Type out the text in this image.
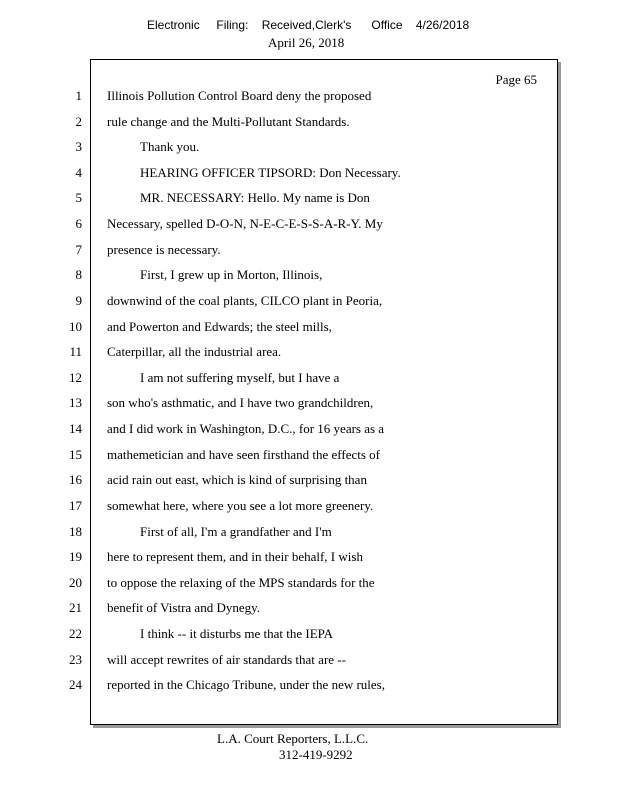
Electronic     Filing:    Received,Clerk's      Office    4/26/2018
April 26, 2018
Page 65
1 Illinois Pollution Control Board deny the proposed
2 rule change and the Multi-Pollutant Standards.
3	Thank you.
4	HEARING OFFICER TIPSORD: Don Necessary.
5	MR. NECESSARY: Hello. My name is Don
6 Necessary, spelled D-O-N, N-E-C-E-S-S-A-R-Y. My
7 presence is necessary.
8	First, I grew up in Morton, Illinois,
9 downwind of the coal plants, CILCO plant in Peoria,
10 and Powerton and Edwards; the steel mills,
11 Caterpillar, all the industrial area.
12	I am not suffering myself, but I have a
13 son who's asthmatic, and I have two grandchildren,
14 and I did work in Washington, D.C., for 16 years as a
15 mathemetician and have seen firsthand the effects of
16 acid rain out east, which is kind of surprising than
17 somewhat here, where you see a lot more greenery.
18	First of all, I'm a grandfather and I'm
19 here to represent them, and in their behalf, I wish
20 to oppose the relaxing of the MPS standards for the
21 benefit of Vistra and Dynegy.
22	I think -- it disturbs me that the IEPA
23 will accept rewrites of air standards that are --
24 reported in the Chicago Tribune, under the new rules,
L.A. Court Reporters, L.L.C.
312-419-9292
